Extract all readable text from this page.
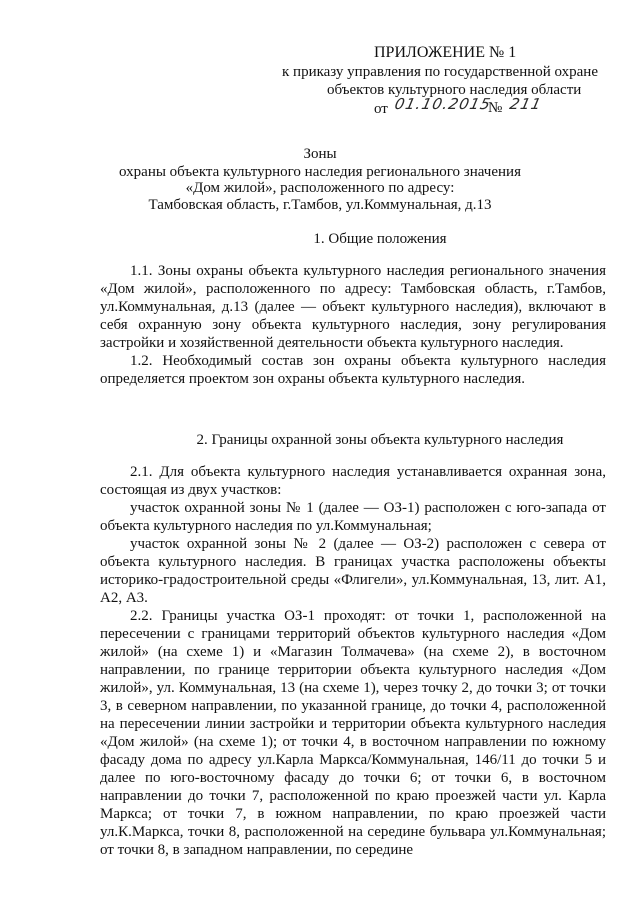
ПРИЛОЖЕНИЕ № 1
к приказу управления по государственной охране
объектов культурного наследия области
от 01.10.2015
№ 211
Зоны
охраны объекта культурного наследия регионального значения
«Дом жилой», расположенного по адресу:
Тамбовская область, г.Тамбов, ул.Коммунальная, д.13
1. Общие положения

1.1. Зоны охраны объекта культурного наследия регионального значения «Дом жилой», расположенного по адресу: Тамбовская область, г.Тамбов, ул.Коммунальная, д.13 (далее — объект культурного наследия), включают в себя охранную зону объекта культурного наследия, зону регулирования застройки и хозяйственной деятельности объекта культурного наследия.

1.2. Необходимый состав зон охраны объекта культурного наследия определяется проектом зон охраны объекта культурного наследия.

2. Границы охранной зоны объекта культурного наследия

2.1. Для объекта культурного наследия устанавливается охранная зона, состоящая из двух участков:

участок охранной зоны № 1 (далее — ОЗ-1) расположен с юго-запада от объекта культурного наследия по ул.Коммунальная;

участок охранной зоны № 2 (далее — ОЗ-2) расположен с севера от объекта культурного наследия. В границах участка расположены объекты историко-градостроительной среды «Флигели», ул.Коммунальная, 13, лит. А1, А2, А3.

2.2. Границы участка ОЗ-1 проходят: от точки 1, расположенной на пересечении с границами территорий объектов культурного наследия «Дом жилой» (на схеме 1) и «Магазин Толмачева» (на схеме 2), в восточном направлении, по границе территории объекта культурного наследия «Дом жилой», ул. Коммунальная, 13 (на схеме 1), через точку 2, до точки 3; от точки 3, в северном направлении, по указанной границе, до точки 4, расположенной на пересечении линии застройки и территории объекта культурного наследия «Дом жилой» (на схеме 1); от точки 4, в восточном направлении по южному фасаду дома по адресу ул.Карла Маркса/Коммунальная, 146/11 до точки 5 и далее по юго-восточному фасаду до точки 6; от точки 6, в восточном направлении до точки 7, расположенной по краю проезжей части ул. Карла Маркса; от точки 7, в южном направлении, по краю проезжей части ул.К.Маркса, точки 8, расположенной на середине бульвара ул.Коммунальная; от точки 8, в западном направлении, по середине
